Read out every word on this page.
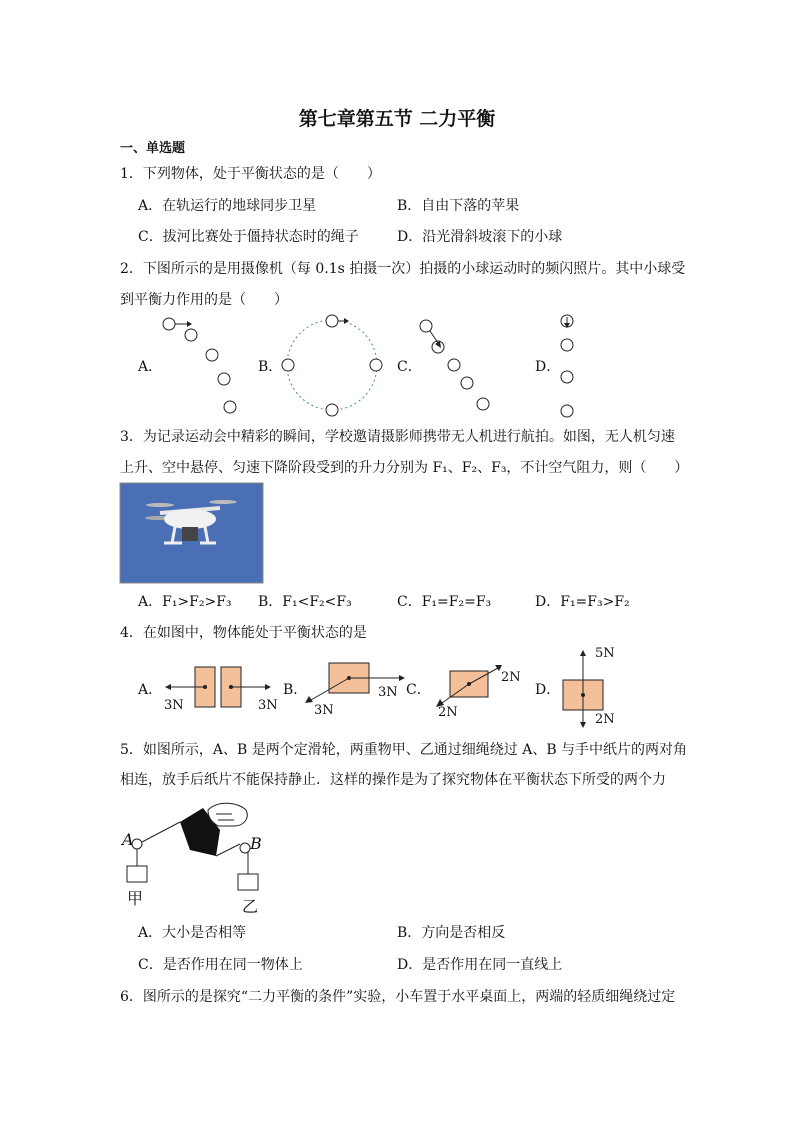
第七章第五节 二力平衡
一、单选题
1．下列物体，处于平衡状态的是（　　）
A．在轨运行的地球同步卫星	B．自由下落的苹果
C．拔河比赛处于僵持状态时的绳子	D．沿光滑斜坡滚下的小球
2．下图所示的是用摄像机（每 0.1s 拍摄一次）拍摄的小球运动时的频闪照片。其中小球受
到平衡力作用的是（　　）
A．	B．	C．	D．
3．为记录运动会中精彩的瞬间，学校邀请摄影师携带无人机进行航拍。如图，无人机匀速
上升、空中悬停、匀速下降阶段受到的升力分别为 F₁、F₂、F₃，不计空气阻力，则（　　）
A．F₁>F₂>F₃ B．F₁<F₂<F₃	C．F₁=F₂=F₃	D．F₁=F₃>F₂
4．在如图中，物体能处于平衡状态的是
A．	B．	C．	D．
3N	3N
3N
3N
2N
2N
5N
2N
5．如图所示，A、B 是两个定滑轮，两重物甲、乙通过细绳绕过 A、B 与手中纸片的两对角
相连，放手后纸片不能保持静止．这样的操作是为了探究物体在平衡状态下所受的两个力
A	B
甲	乙
A．大小是否相等	B．方向是否相反
C．是否作用在同一物体上	D．是否作用在同一直线上
6．图所示的是探究“二力平衡的条件”实验，小车置于水平桌面上，两端的轻质细绳绕过定
